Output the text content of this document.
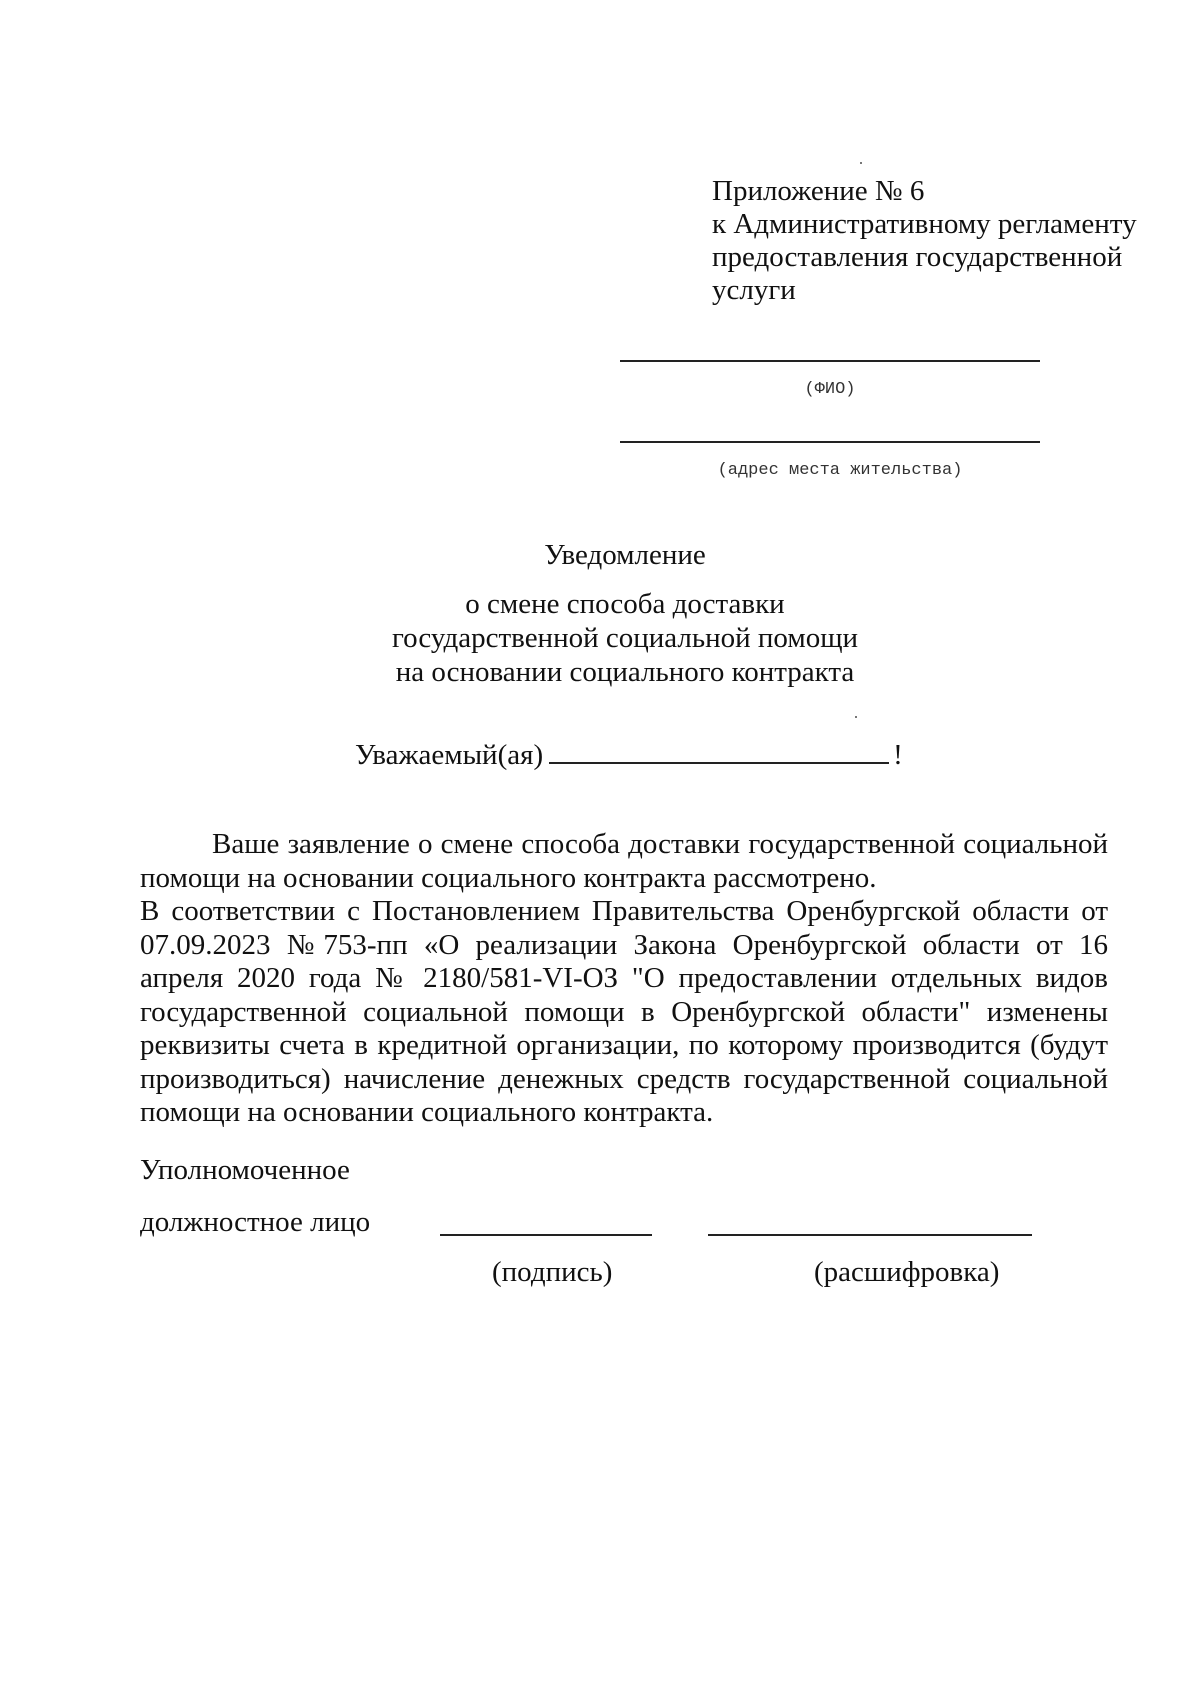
Приложение № 6
к Административному регламенту
предоставления государственной
услуги
(ФИО)
(адрес места жительства)
Уведомление
о смене способа доставки
государственной социальной помощи
на основании социального контракта
Уважаемый(ая)	!

Ваше заявление о смене способа доставки государственной социальной помощи на основании социального контракта рассмотрено.

В соответствии с Постановлением Правительства Оренбургской области от 07.09.2023 №753-пп «О реализации Закона Оренбургской области от 16 апреля 2020 года № 2180/581-VI-ОЗ "О предоставлении отдельных видов государственной социальной помощи в Оренбургской области" изменены реквизиты счета в кредитной организации, по которому производится (будут производиться) начисление денежных средств государственной социальной помощи на основании социального контракта.

Уполномоченное
должностное лицо
(подпись)	(расшифровка)
